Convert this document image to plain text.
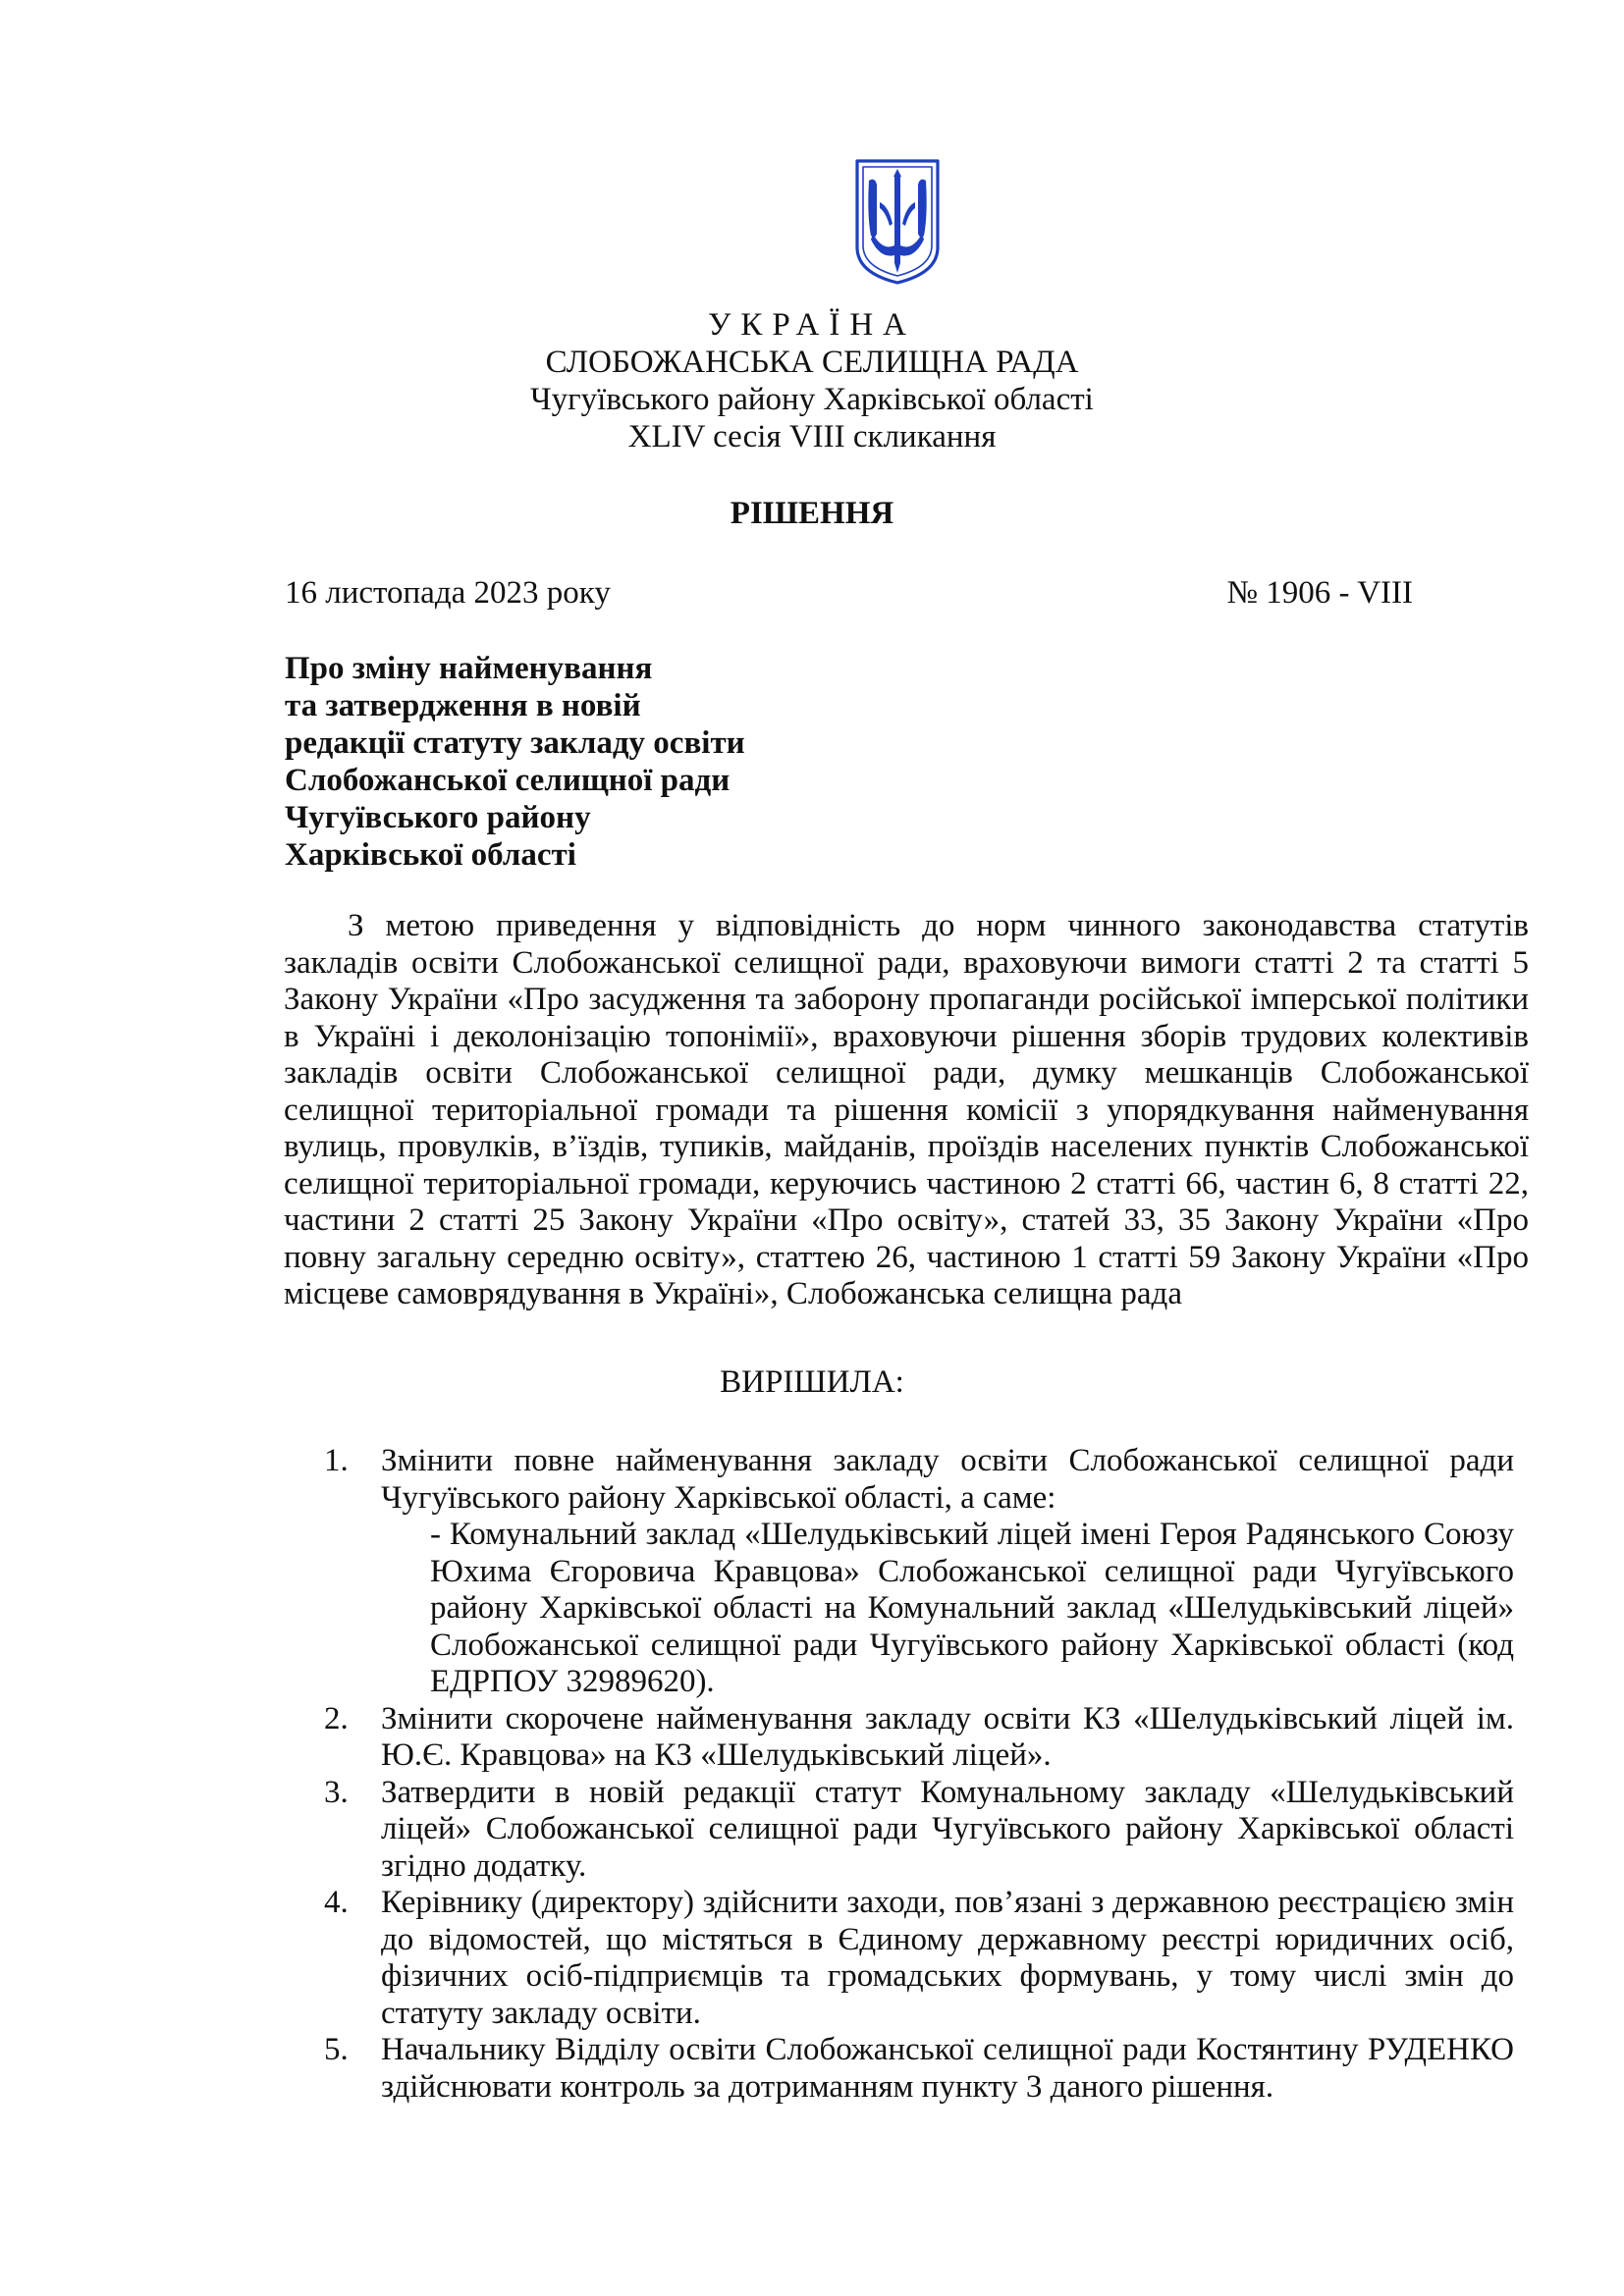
УКРАЇНА
СЛОБОЖАНСЬКА СЕЛИЩНА РАДА
Чугуївського району Харківської області
XLIV сесія VIII скликання
РІШЕННЯ
16 листопада 2023 року	№ 1906 - VIII
Про зміну найменування
та затвердження в новій
редакції статуту закладу освіти
Слобожанської селищної ради
Чугуївського району
Харківської області

З метою приведення у відповідність до норм чинного законодавства статутів закладів освіти Слобожанської селищної ради, враховуючи вимоги статті 2 та статті 5 Закону України «Про засудження та заборону пропаганди російської імперської політики в Україні і деколонізацію топонімії», враховуючи рішення зборів трудових колективів закладів освіти Слобожанської селищної ради, думку мешканців Слобожанської селищної територіальної громади та рішення комісії з упорядкування найменування вулиць, провулків, в’їздів, тупиків, майданів, проїздів населених пунктів Слобожанської селищної територіальної громади, керуючись частиною 2 статті 66, частин 6, 8 статті 22, частини 2 статті 25 Закону України «Про освіту», статей 33, 35 Закону України «Про повну загальну середню освіту», статтею 26, частиною 1 статті 59 Закону України «Про місцеве самоврядування в Україні», Слобожанська селищна рада

ВИРІШИЛА:
1. Змінити повне найменування закладу освіти Слобожанської селищної ради Чугуївського району Харківської області, а саме:
- Комунальний заклад «Шелудьківський ліцей імені Героя Радянського Союзу Юхима Єгоровича Кравцова» Слобожанської селищної ради Чугуївського району Харківської області на Комунальний заклад «Шелудьківський ліцей» Слобожанської селищної ради Чугуївського району Харківської області (код ЕДРПОУ 32989620).
2. Змінити скорочене найменування закладу освіти КЗ «Шелудьківський ліцей ім. Ю.Є. Кравцова» на КЗ «Шелудьківський ліцей».
3. Затвердити в новій редакції статут Комунальному закладу «Шелудьківський ліцей» Слобожанської селищної ради Чугуївського району Харківської області згідно додатку.
4. Керівнику (директору) здійснити заходи, пов’язані з державною реєстрацією змін до відомостей, що містяться в Єдиному державному реєстрі юридичних осіб, фізичних осіб-підприємців та громадських формувань, у тому числі змін до статуту закладу освіти.
5. Начальнику Відділу освіти Слобожанської селищної ради Костянтину РУДЕНКО здійснювати контроль за дотриманням пункту 3 даного рішення.
